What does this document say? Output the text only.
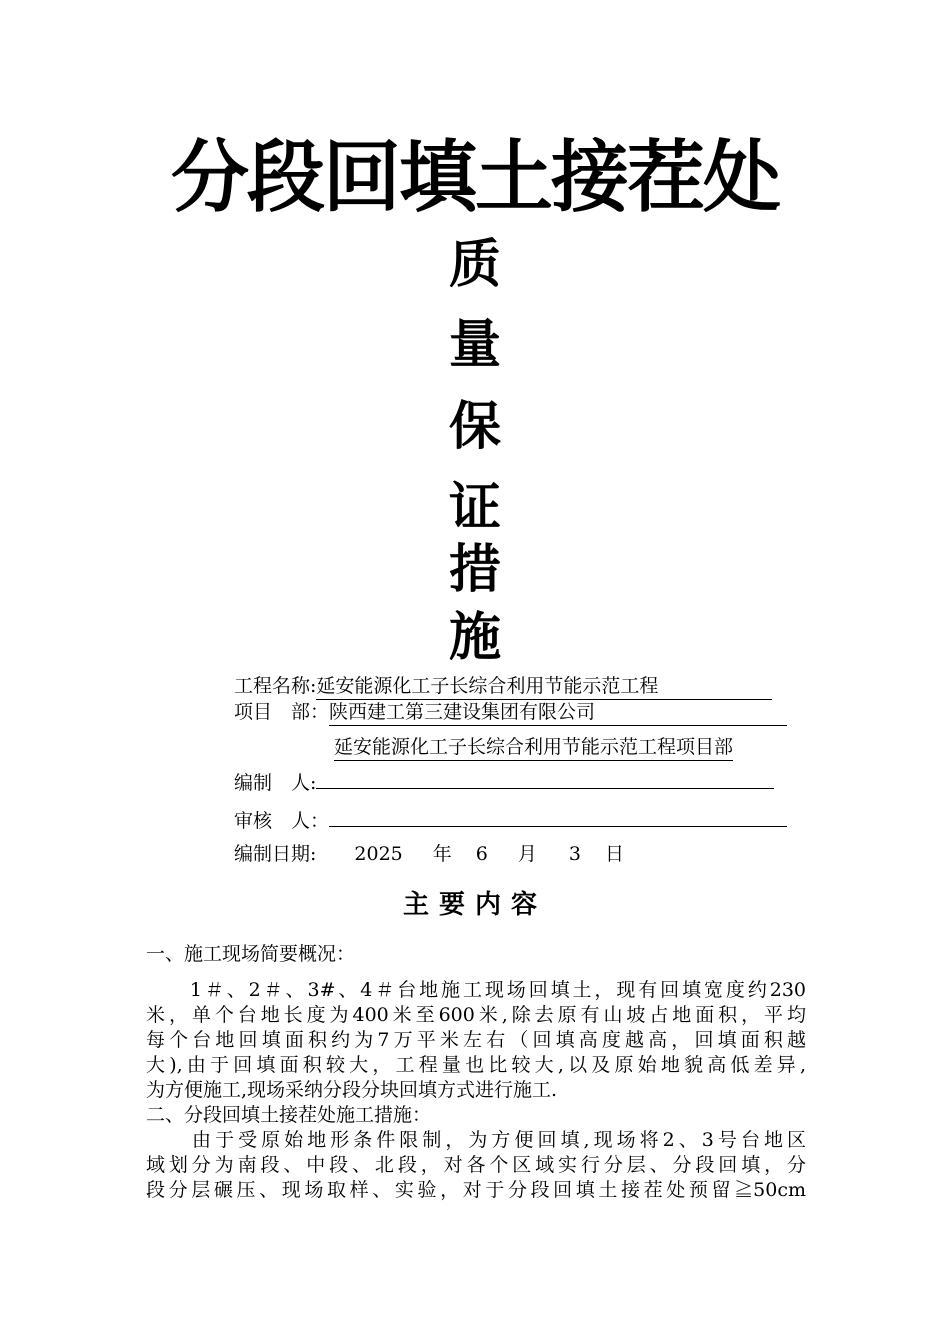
分段回填土接茬处
质
量
保
证
措
施
工程名称:延安能源化工子长综合利用节能示范工程
项目　部：陕西建工第三建设集团有限公司
延安能源化工子长综合利用节能示范工程项目部
编制　人:
审核　人：
编制日期: 2025 年 6 月 3 日
主要内容
一、施工现场简要概况：
　　1＃、2＃、3#、4＃台地施工现场回填土，现有回填宽度约230
米，单个台地长度为400米至600米,除去原有山坡占地面积，平均
每个台地回填面积约为7万平米左右（回填高度越高，回填面积越
大),由于回填面积较大，工程量也比较大,以及原始地貌高低差异,
为方便施工,现场采纳分段分块回填方式进行施工.
二、分段回填土接茬处施工措施：
　　由于受原始地形条件限制，为方便回填,现场将2、3号台地区
域划分为南段、中段、北段，对各个区域实行分层、分段回填，分
段分层碾压、现场取样、实验，对于分段回填土接茬处预留≧50cm
